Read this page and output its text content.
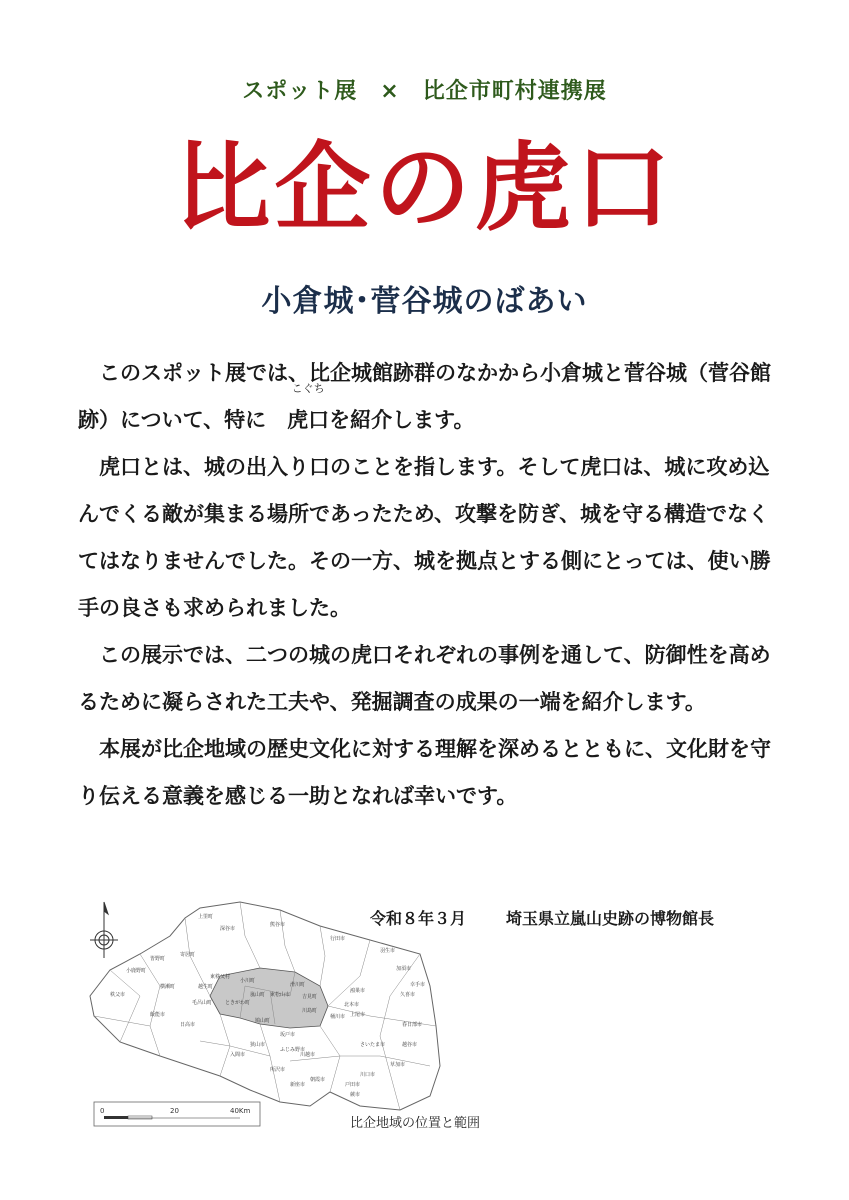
スポット展　×　比企市町村連携展
比企の虎口
小倉城･菅谷城のばあい

このスポット展では、比企城館跡群のなかから小倉城と菅谷城（菅谷館跡）について、特に
こぐち
虎口を紹介します。

虎口とは、城の出入り口のことを指します。そして虎口は、城に攻め込んでくる敵が集まる場所であったため、攻撃を防ぎ、城を守る構造でなくてはなりませんでした。その一方、城を拠点とする側にとっては、使い勝手の良さも求められました。

この展示では、二つの城の虎口それぞれの事例を通して、防御性を高めるために凝らされた工夫や、発掘調査の成果の一端を紹介します。

本展が比企地域の歴史文化に対する理解を深めるとともに、文化財を守り伝える意義を感じる一助となれば幸いです。

令和８年３月	埼玉県立嵐山史跡の博物館長
0	20	40Km
上里町
深谷市
熊谷市
行田市
羽生市
加須市
寄居町
皆野町
秩父市
小鹿野町
横瀬町
飯能市
日高市
毛呂山町
越生町
鳩山町
坂戸市
川越市
上尾市
さいたま市
所沢市
東松山市
滑川町
嵐山町
小川町
ときがわ町
東秩父村
吉見町
川島町
鴻巣市
北本市
桶川市
久喜市
幸手市
春日部市
越谷市
草加市
川口市
戸田市
朝霞市
新座市
入間市
狭山市
ふじみ野市
蕨市
比企地域の位置と範囲
